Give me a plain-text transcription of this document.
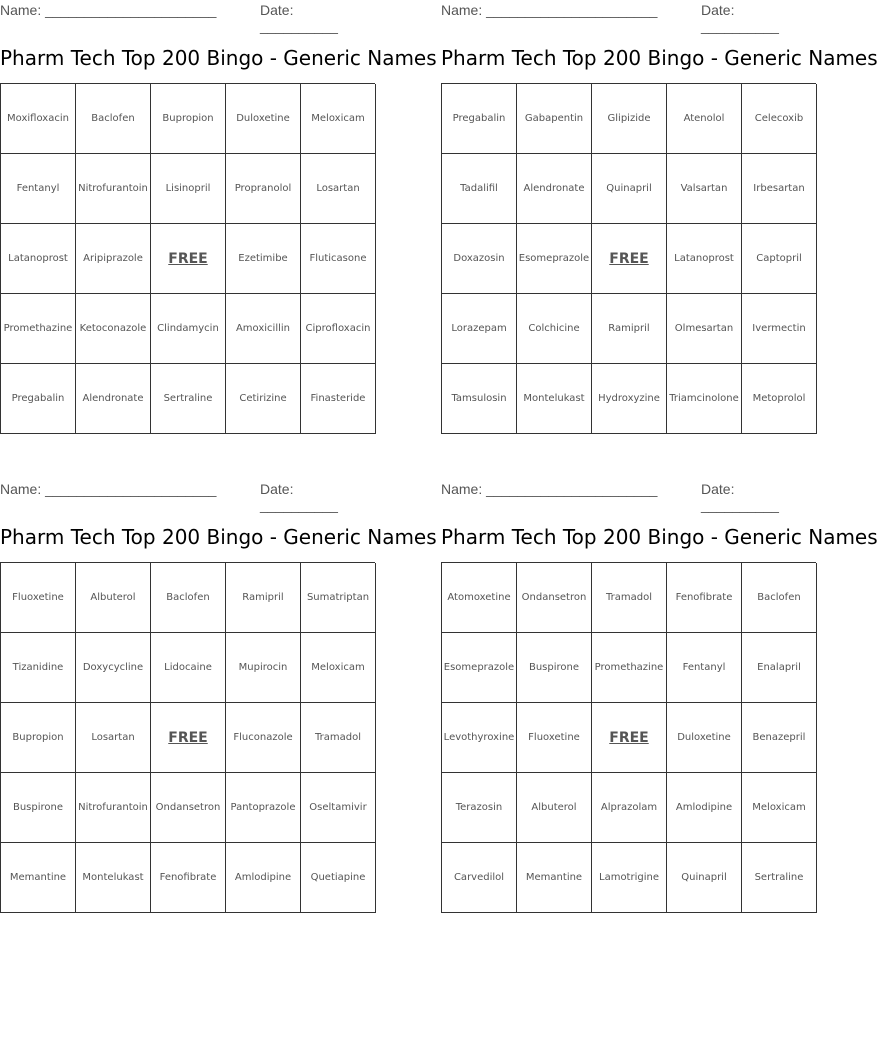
Name: ______________________	Date: __________
Pharm Tech Top 200 Bingo - Generic Names
Moxifloxacin	Baclofen	Bupropion	Duloxetine	Meloxicam
Fentanyl	Nitrofurantoin	Lisinopril	Propranolol	Losartan
Latanoprost	Aripiprazole	FREE	Ezetimibe	Fluticasone
Promethazine Ketoconazole	Clindamycin	Amoxicillin	Ciprofloxacin
Pregabalin	Alendronate	Sertraline	Cetirizine	Finasteride
Name: ______________________	Date: __________
Pharm Tech Top 200 Bingo - Generic Names
Pregabalin	Gabapentin	Glipizide	Atenolol	Celecoxib
Tadalifil	Alendronate	Quinapril	Valsartan	Irbesartan
Doxazosin	Esomeprazole	FREE	Latanoprost	Captopril
Lorazepam	Colchicine	Ramipril	Olmesartan	Ivermectin
Tamsulosin	Montelukast	Hydroxyzine Triamcinolone	Metoprolol
Name: ______________________	Date: __________
Pharm Tech Top 200 Bingo - Generic Names
Fluoxetine	Albuterol	Baclofen	Ramipril	Sumatriptan
Tizanidine	Doxycycline	Lidocaine	Mupirocin	Meloxicam
Bupropion	Losartan	FREE	Fluconazole	Tramadol
Buspirone	Nitrofurantoin Ondansetron	Pantoprazole	Oseltamivir
Memantine	Montelukast	Fenofibrate	Amlodipine	Quetiapine
Name: ______________________	Date: __________
Pharm Tech Top 200 Bingo - Generic Names
Atomoxetine	Ondansetron	Tramadol	Fenofibrate	Baclofen
Esomeprazole	Buspirone	Promethazine	Fentanyl	Enalapril
Levothyroxine	Fluoxetine	FREE	Duloxetine	Benazepril
Terazosin	Albuterol	Alprazolam	Amlodipine	Meloxicam
Carvedilol	Memantine	Lamotrigine	Quinapril	Sertraline
